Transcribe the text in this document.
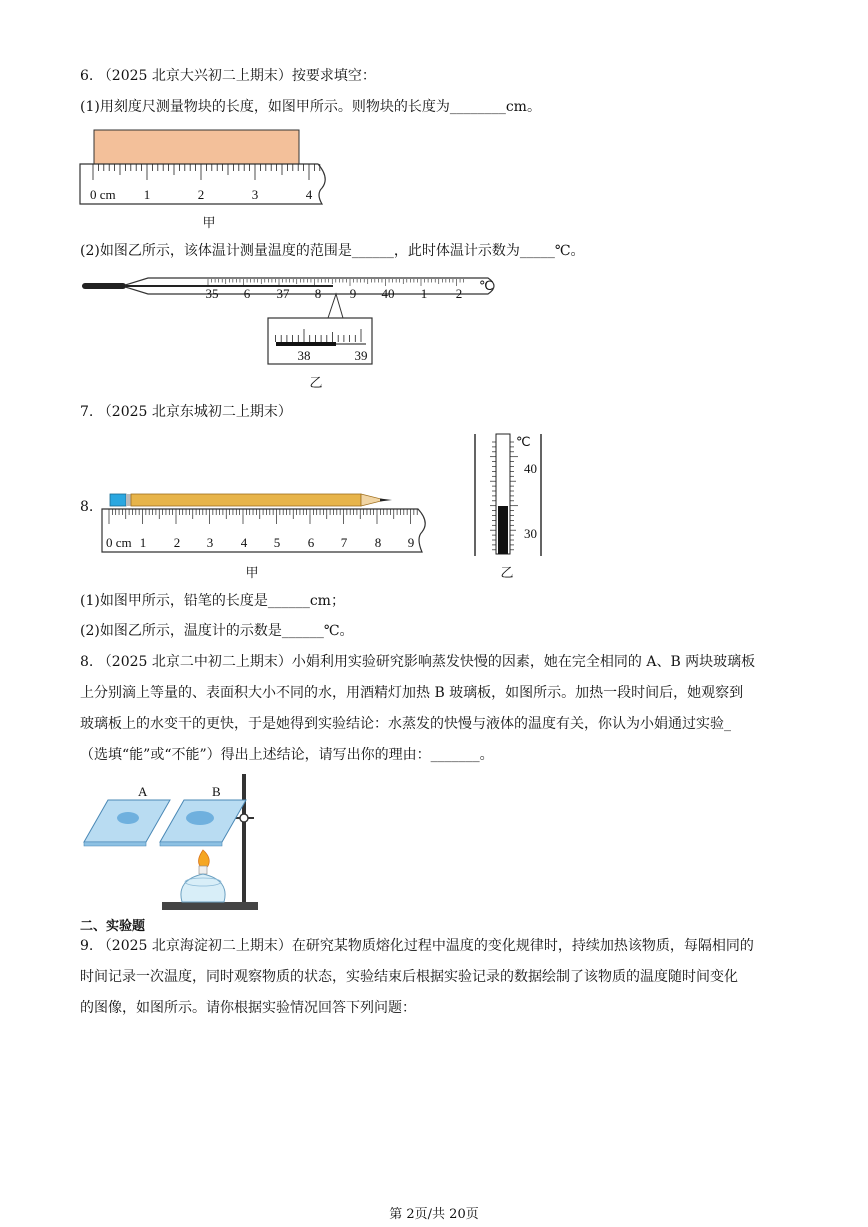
6. （2025 北京大兴初二上期末）按要求填空：
(1)用刻度尺测量物块的长度，如图甲所示。则物块的长度为________cm。
0 cm 1	2	3	4
甲
(2)如图乙所示，该体温计测量温度的范围是______，此时体温计示数为_____℃。
35 6 37 8 9 40 1 2
℃
38	39
乙
7. （2025 北京东城初二上期末）
8.
0 cm 1 2 3 4 5 6 7 8 9
甲
℃
40
30
乙
(1)如图甲所示，铅笔的长度是______cm；
(2)如图乙所示，温度计的示数是______℃。
8. （2025 北京二中初二上期末）小娟利用实验研究影响蒸发快慢的因素，她在完全相同的 A、B 两块玻璃板
上分别滴上等量的、表面积大小不同的水，用酒精灯加热 B 玻璃板，如图所示。加热一段时间后，她观察到
玻璃板上的水变干的更快，于是她得到实验结论：水蒸发的快慢与液体的温度有关，你认为小娟通过实验_
（选填“能”或“不能”）得出上述结论，请写出你的理由：_______。
A	B
二、实验题
9. （2025 北京海淀初二上期末）在研究某物质熔化过程中温度的变化规律时，持续加热该物质，每隔相同的
时间记录一次温度，同时观察物质的状态，实验结束后根据实验记录的数据绘制了该物质的温度随时间变化
的图像，如图所示。请你根据实验情况回答下列问题：
第 2页/共 20页
